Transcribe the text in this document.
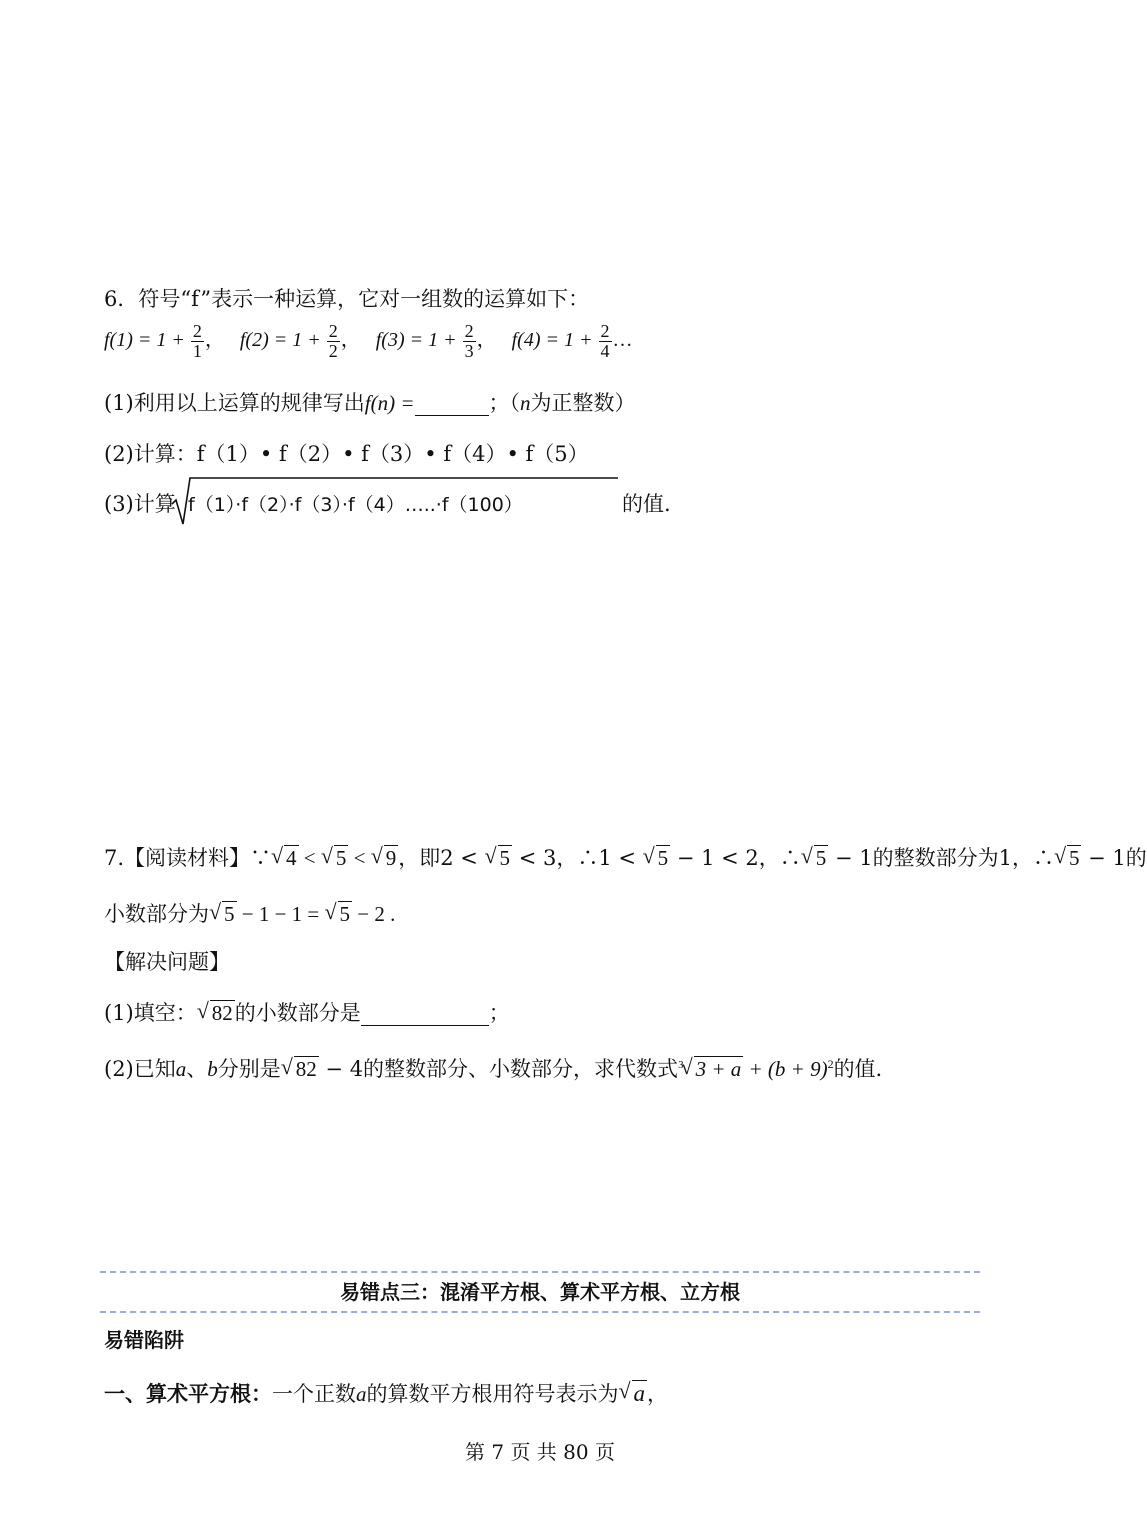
6．符号“f”表示一种运算，它对一组数的运算如下：
$f(1) = 1 + \frac{2}{1}$ ， $f(2) = 1 + \frac{2}{2}$ ， $f(3) = 1 + \frac{2}{3}$ ， $f(4) = 1 + \frac{2}{4}$ …
(1)利用以上运算的规律写出f(n) =	；（n为正整数）
(2)计算：f（1）• f（2）• f（3）• f（4）• f（5）
(3)计算 f（1）·f（2）·f（3）·f（4）…..·f（100）	的值.
7.【阅读材料】∵ √ 4 < √ 5 < √ 9，即2 < √ 5 < 3，∴1 < √ 5 − 1 < 2，∴ √ 5 − 1的整数部分为1，∴ √ 5 − 1的
小数部分为 √ 5 − 1 − 1 = √ 5 − 2 .
【解决问题】
(1)填空： √ 82的小数部分是	；
(2)已知a、b分别是 √ 82 − 4的整数部分、小数部分，求代数式$^3$ √ $3 + a + (b + 9)^2$的值.
易错点三：混淆平方根、算术平方根、立方根
易错陷阱
一、算术平方根：一个正数a的算数平方根用符号表示为 √ a，
第 7 页 共 80 页
